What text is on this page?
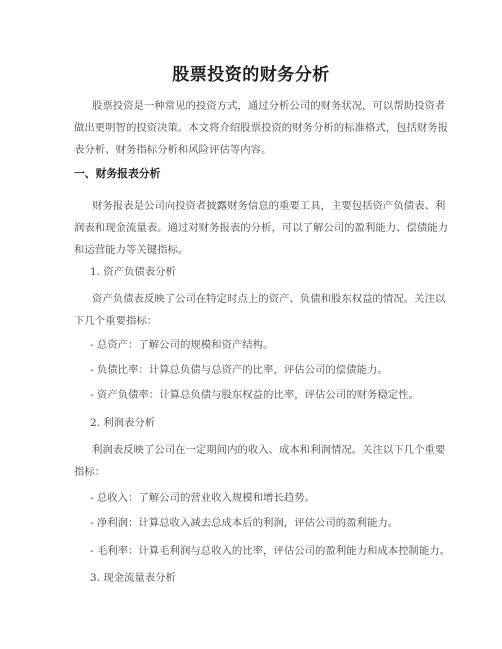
股票投资的财务分析
股票投资是一种常见的投资方式，通过分析公司的财务状况，可以帮助投资者
做出更明智的投资决策。本文将介绍股票投资的财务分析的标准格式，包括财务报
表分析、财务指标分析和风险评估等内容。
一、财务报表分析
财务报表是公司向投资者披露财务信息的重要工具，主要包括资产负债表、利
润表和现金流量表。通过对财务报表的分析，可以了解公司的盈利能力、偿债能力
和运营能力等关键指标。
1. 资产负债表分析
资产负债表反映了公司在特定时点上的资产、负债和股东权益的情况。关注以
下几个重要指标：
- 总资产：了解公司的规模和资产结构。
- 负债比率：计算总负债与总资产的比率，评估公司的偿债能力。
- 资产负债率：计算总负债与股东权益的比率，评估公司的财务稳定性。
2. 利润表分析
利润表反映了公司在一定期间内的收入、成本和利润情况。关注以下几个重要
指标：
- 总收入：了解公司的营业收入规模和增长趋势。
- 净利润：计算总收入减去总成本后的利润，评估公司的盈利能力。
- 毛利率：计算毛利润与总收入的比率，评估公司的盈利能力和成本控制能力。
3. 现金流量表分析
